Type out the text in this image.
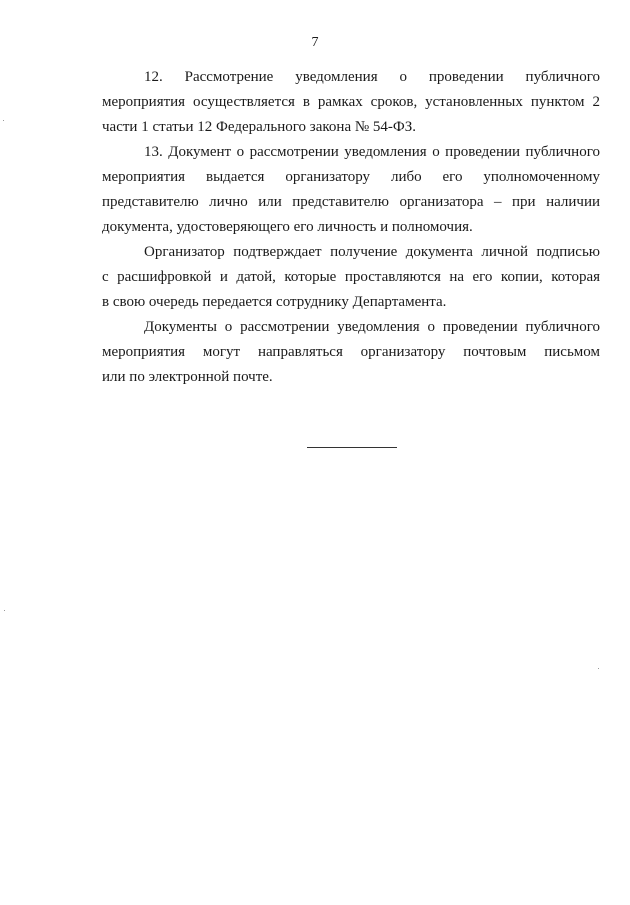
7

12. Рассмотрение уведомления о проведении публичного
мероприятия осуществляется в рамках сроков, установленных пунктом 2
части 1 статьи 12 Федерального закона № 54-ФЗ.

13. Документ о рассмотрении уведомления о проведении публичного
мероприятия выдается организатору либо его уполномоченному
представителю лично или представителю организатора – при наличии
документа, удостоверяющего его личность и полномочия.

Организатор подтверждает получение документа личной подписью
с расшифровкой и датой, которые проставляются на его копии, которая
в свою очередь передается сотруднику Департамента.

Документы о рассмотрении уведомления о проведении публичного
мероприятия могут направляться организатору почтовым письмом
или по электронной почте.
